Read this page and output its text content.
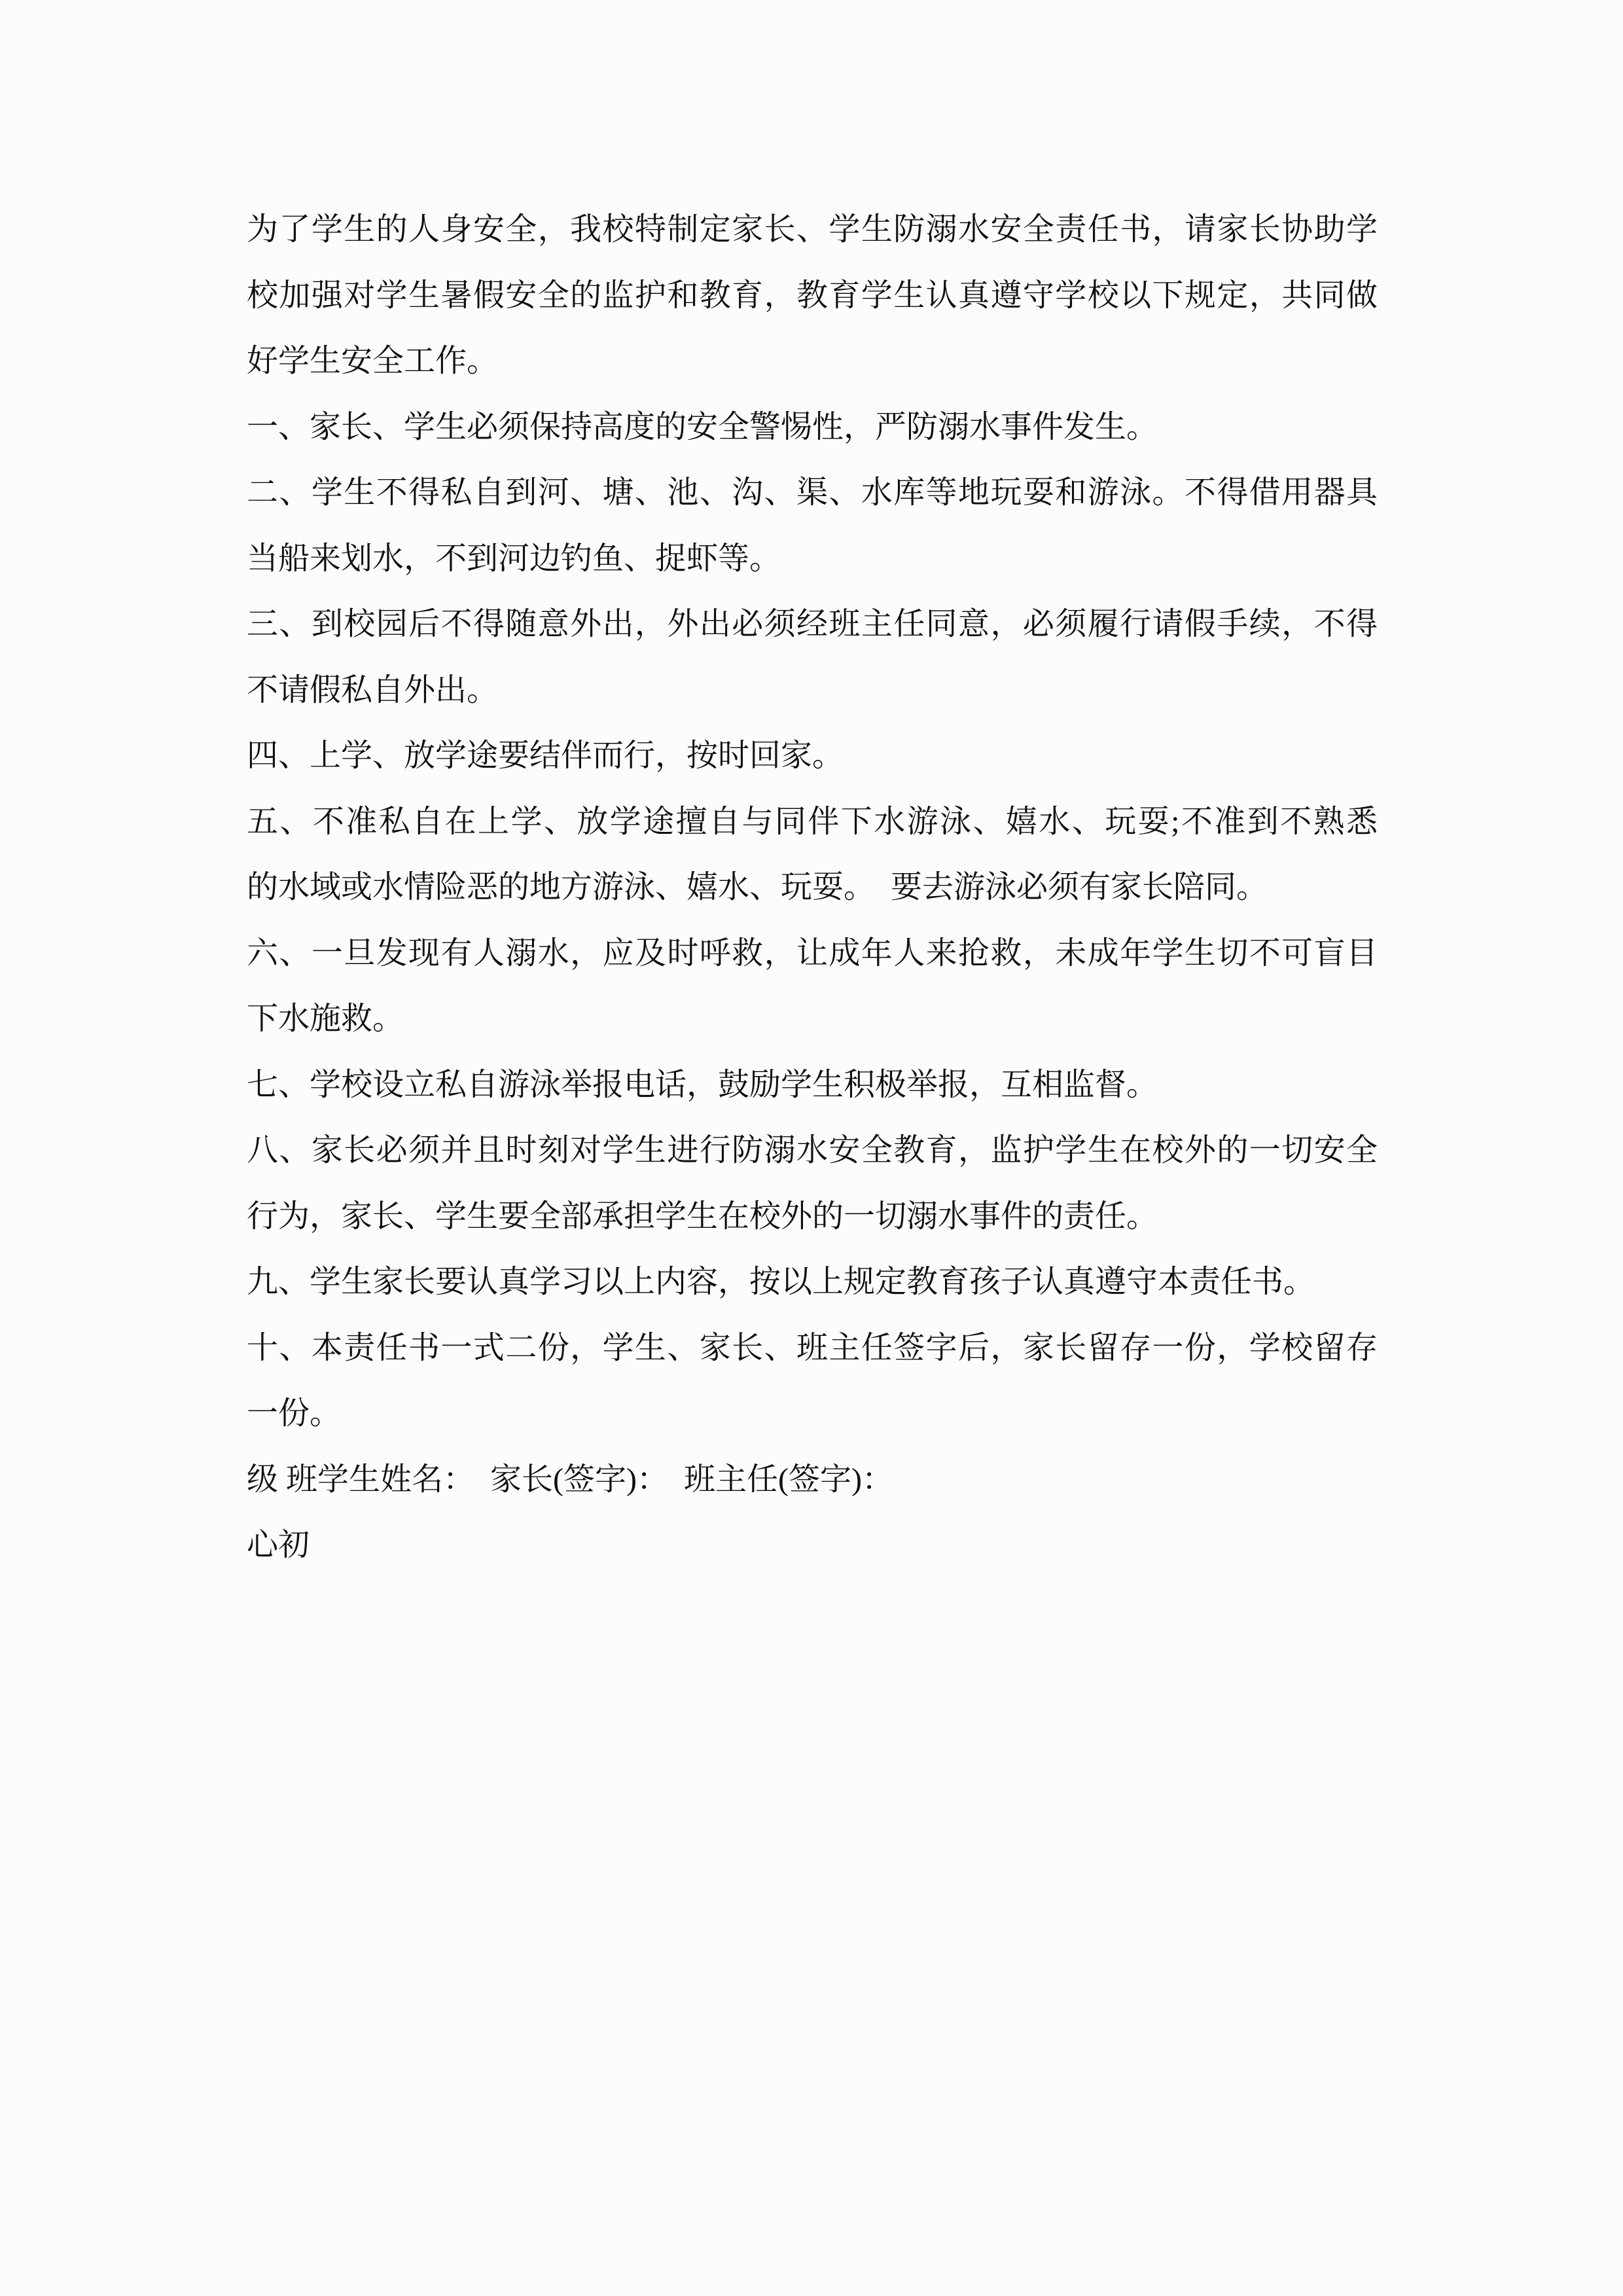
为了学生的人身安全，我校特制定家长、学生防溺水安全责任书，请家长协助学
校加强对学生暑假安全的监护和教育，教育学生认真遵守学校以下规定，共同做
好学生安全工作。
一、家长、学生必须保持高度的安全警惕性，严防溺水事件发生。
二、学生不得私自到河、塘、池、沟、渠、水库等地玩耍和游泳。不得借用器具
当船来划水，不到河边钓鱼、捉虾等。
三、到校园后不得随意外出，外出必须经班主任同意，必须履行请假手续，不得
不请假私自外出。
四、上学、放学途要结伴而行，按时回家。
五、不准私自在上学、放学途擅自与同伴下水游泳、嬉水、玩耍;不准到不熟悉
的水域或水情险恶的地方游泳、嬉水、玩耍。  要去游泳必须有家长陪同。
六、一旦发现有人溺水，应及时呼救，让成年人来抢救，未成年学生切不可盲目
下水施救。
七、学校设立私自游泳举报电话，鼓励学生积极举报，互相监督。
八、家长必须并且时刻对学生进行防溺水安全教育，监护学生在校外的一切安全
行为，家长、学生要全部承担学生在校外的一切溺水事件的责任。
九、学生家长要认真学习以上内容，按以上规定教育孩子认真遵守本责任书。
十、本责任书一式二份，学生、家长、班主任签字后，家长留存一份，学校留存
一份。
级 班学生姓名：  家长(签字)：  班主任(签字)：
心初
